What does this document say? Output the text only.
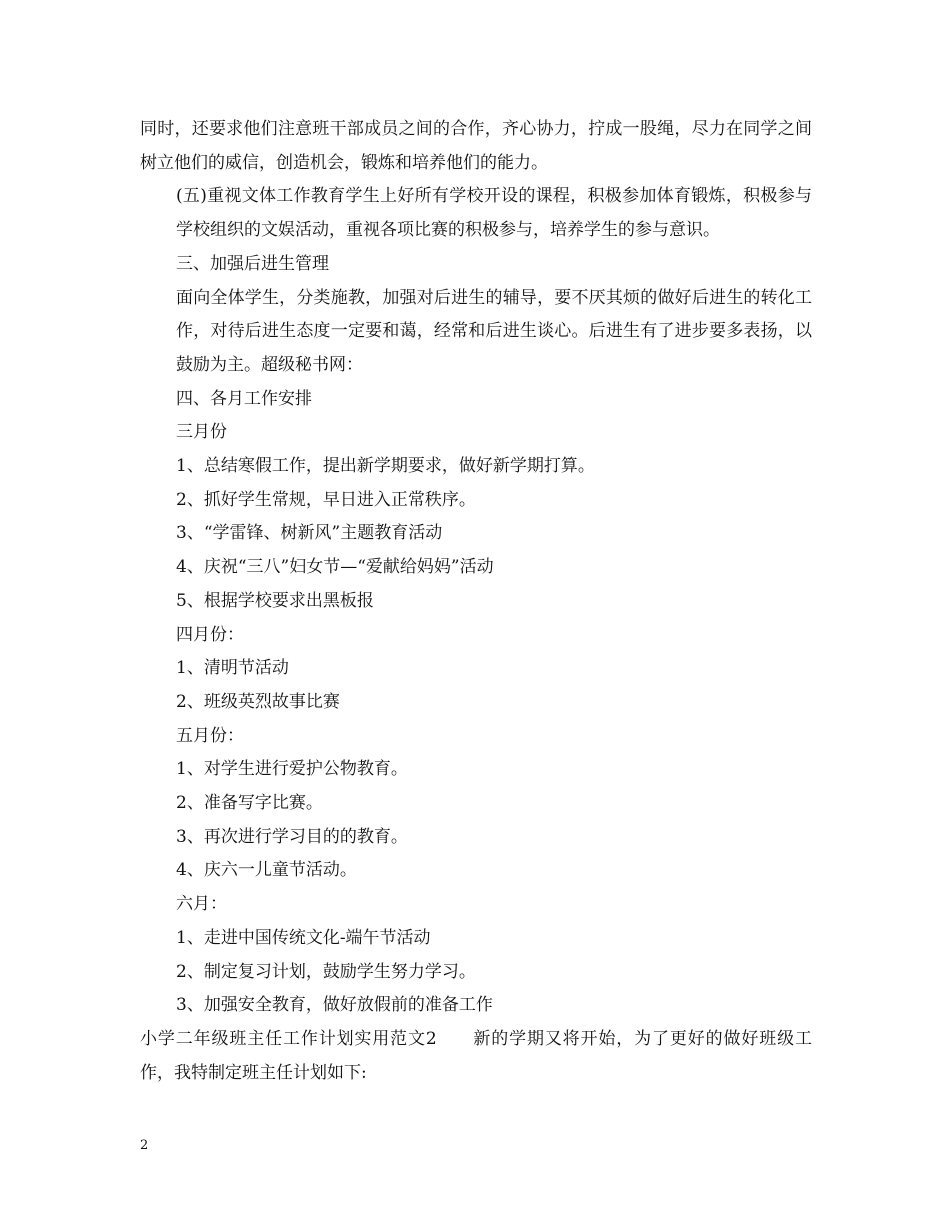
同时，还要求他们注意班干部成员之间的合作，齐心协力，拧成一股绳，尽力在同学之间树立他们的威信，创造机会，锻炼和培养他们的能力。

(五)重视文体工作教育学生上好所有学校开设的课程，积极参加体育锻炼，积极参与学校组织的文娱活动，重视各项比赛的积极参与，培养学生的参与意识。

三、加强后进生管理

面向全体学生，分类施教，加强对后进生的辅导，要不厌其烦的做好后进生的转化工作，对待后进生态度一定要和蔼，经常和后进生谈心。后进生有了进步要多表扬，以鼓励为主。超级秘书网：

四、各月工作安排

三月份

1、总结寒假工作，提出新学期要求，做好新学期打算。

2、抓好学生常规，早日进入正常秩序。

3、“学雷锋、树新风”主题教育活动

4、庆祝“三八”妇女节—“爱献给妈妈”活动

5、根据学校要求出黑板报

四月份：

1、清明节活动

2、班级英烈故事比赛

五月份：

1、对学生进行爱护公物教育。

2、准备写字比赛。

3、再次进行学习目的的教育。

4、庆六一儿童节活动。

六月：

1、走进中国传统文化-端午节活动

2、制定复习计划，鼓励学生努力学习。

3、加强安全教育，做好放假前的准备工作

小学二年级班主任工作计划实用范文2　　新的学期又将开始，为了更好的做好班级工作，我特制定班主任计划如下:

2
